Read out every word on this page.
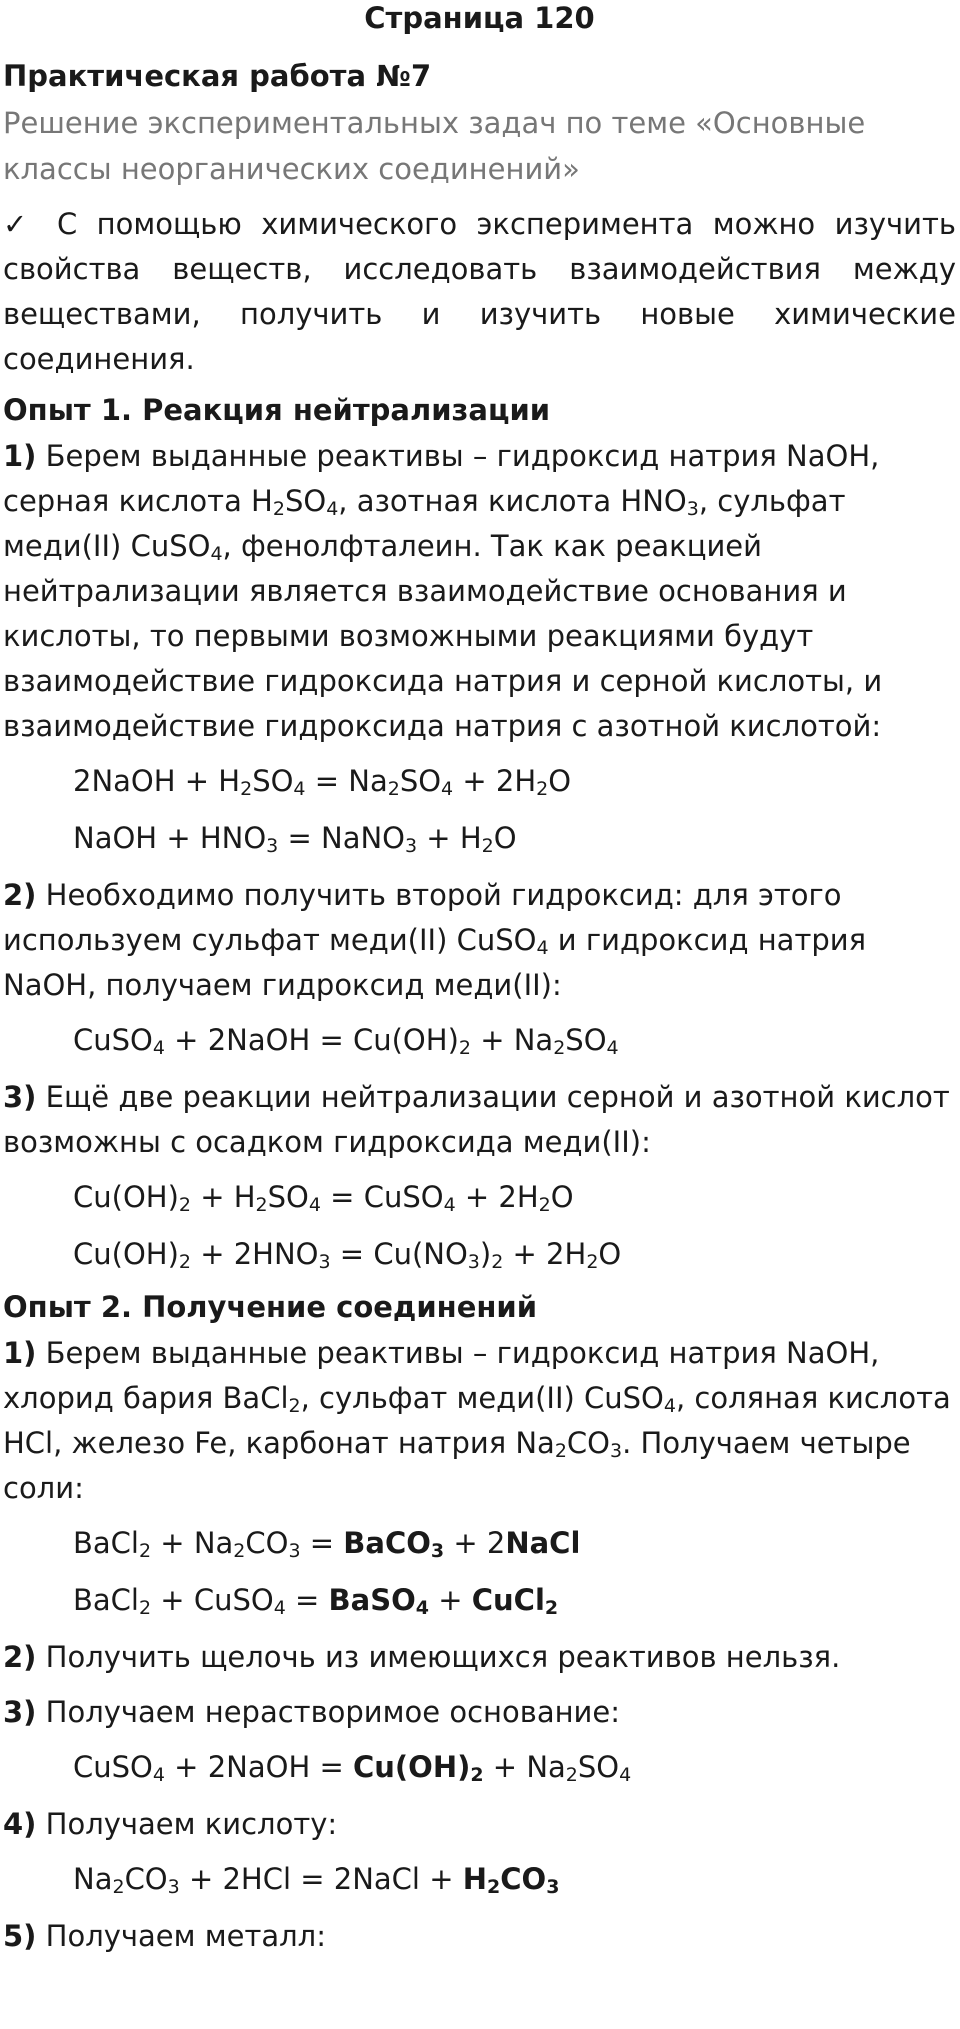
Страница 120
Практическая работа №7
Решение экспериментальных задач по теме «Основные классы неорганических соединений»
✓ С помощью химического эксперимента можно изучить свойства веществ, исследовать взаимодействия между веществами, получить и изучить новые химические соединения.
Опыт 1. Реакция нейтрализации
1) Берем выданные реактивы – гидроксид натрия NaOH, серная кислота $H_2SO_4$, азотная кислота $HNO_3$, сульфат меди(II) CuSO$_4$, фенолфталеин. Так как реакцией нейтрализации является взаимодействие основания и кислоты, то первыми возможными реакциями будут взаимодействие гидроксида натрия и серной кислоты, и взаимодействие гидроксида натрия с азотной кислотой:
2NaOH + $H_2SO_4 = Na_2SO_4 + 2H_2O$
NaOH + $HNO_3$ = NaNO$_3$ + $H_2O$
2) Необходимо получить второй гидроксид: для этого используем сульфат меди(II) CuSO$_4$ и гидроксид натрия NaOH, получаем гидроксид меди(II):
CuSO$_4$ + 2NaOH = $Cu(OH)_2 + Na_2SO_4$
3) Ещё две реакции нейтрализации серной и азотной кислот возможны с осадком гидроксида меди(II):
$Cu(OH)_2 + H_2SO_4$ = CuSO$_4$ + $2H_2O$
$Cu(OH)_2 + 2HNO_3 = Cu(NO_3)_2 + 2H_2O$
Опыт 2. Получение соединений
1) Берем выданные реактивы – гидроксид натрия NaOH, хлорид бария BaCl$_2$, сульфат меди(II) CuSO$_4$, соляная кислота HCl, железо Fe, карбонат натрия $Na_2CO_3$. Получаем четыре соли:
BaCl$_2$ + $Na_2CO_3$ = BaCO$_3$ + 2NaCl
BaCl$_2$ + CuSO$_4$ = BaSO$_4$ + CuCl$_2$
2) Получить щелочь из имеющихся реактивов нельзя.
3) Получаем нерастворимое основание:
CuSO$_4$ + 2NaOH = $Cu(OH)_2 + Na_2SO_4$
4) Получаем кислоту:
$Na_2CO_3 + 2HCl$ = 2NaCl + $H_2CO_3$
5) Получаем металл:
